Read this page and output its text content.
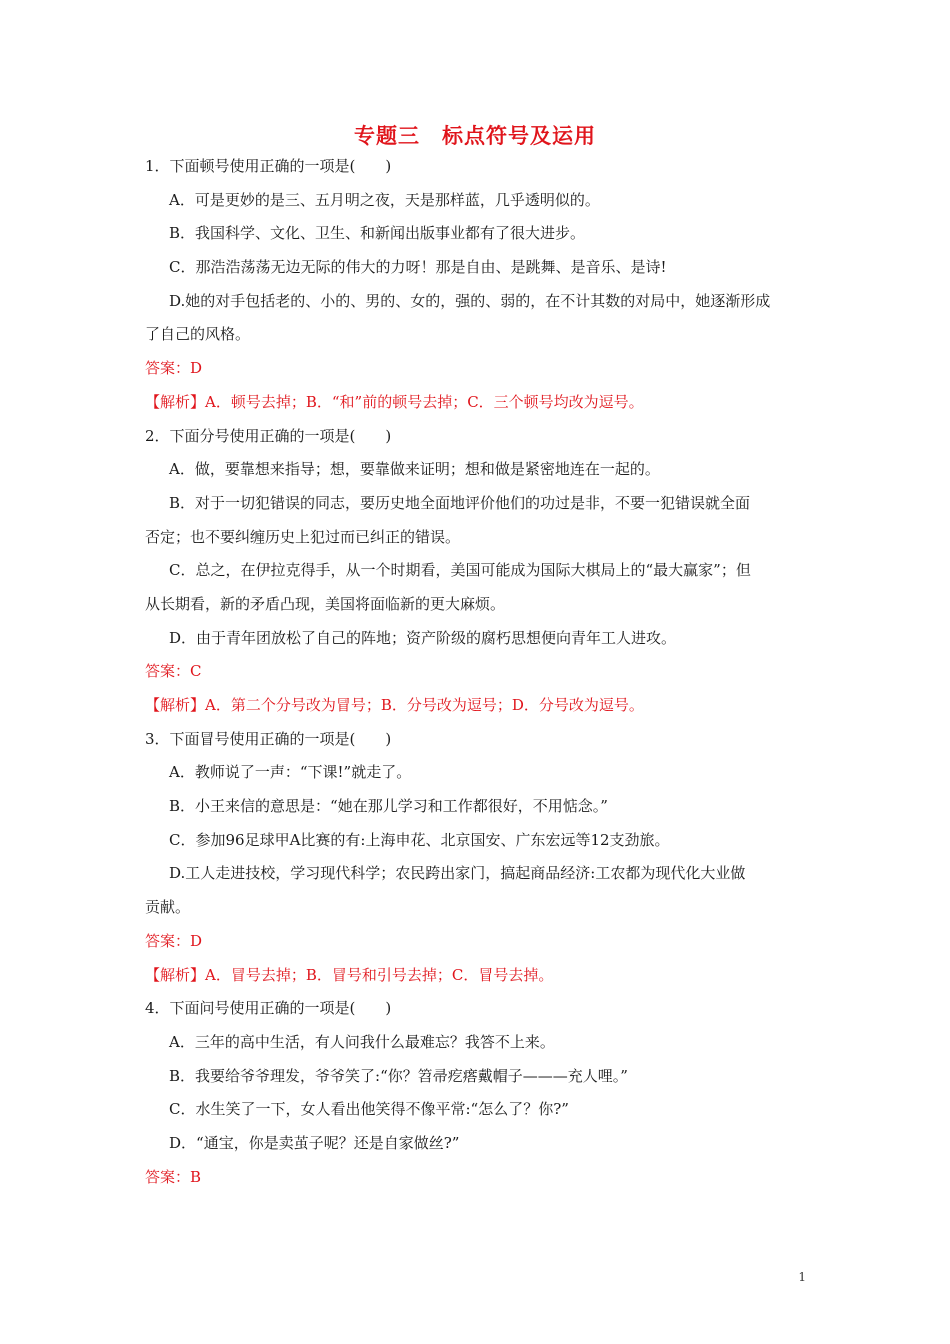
专题三　标点符号及运用
1．下面顿号使用正确的一项是(　　)
A．可是更妙的是三、五月明之夜，天是那样蓝，几乎透明似的。
B．我国科学、文化、卫生、和新闻出版事业都有了很大进步。
C．那浩浩荡荡无边无际的伟大的力呀！那是自由、是跳舞、是音乐、是诗!
D.她的对手包括老的、小的、男的、女的，强的、弱的，在不计其数的对局中，她逐渐形成
了自己的风格。
答案：D
【解析】A．顿号去掉；B．“和”前的顿号去掉；C．三个顿号均改为逗号。
2．下面分号使用正确的一项是(　　)
A．做，要靠想来指导；想，要靠做来证明；想和做是紧密地连在一起的。
B．对于一切犯错误的同志，要历史地全面地评价他们的功过是非，不要一犯错误就全面
否定；也不要纠缠历史上犯过而已纠正的错误。
C．总之，在伊拉克得手，从一个时期看，美国可能成为国际大棋局上的“最大赢家”；但
从长期看，新的矛盾凸现，美国将面临新的更大麻烦。
D．由于青年团放松了自己的阵地；资产阶级的腐朽思想便向青年工人进攻。
答案：C
【解析】A．第二个分号改为冒号；B．分号改为逗号；D．分号改为逗号。
3．下面冒号使用正确的一项是(　　)
A．教师说了一声：“下课!”就走了。
B．小王来信的意思是：“她在那儿学习和工作都很好，不用惦念。”
C．参加96足球甲A比赛的有:上海申花、北京国安、广东宏远等12支劲旅。
D.工人走进技校，学习现代科学；农民跨出家门，搞起商品经济:工农都为现代化大业做
贡献。
答案：D
【解析】A．冒号去掉；B．冒号和引号去掉；C．冒号去掉。
4．下面问号使用正确的一项是(　　)
A．三年的高中生活，有人问我什么最难忘？我答不上来。
B．我要给爷爷理发，爷爷笑了:“你？笤帚疙瘩戴帽子———充人哩。”
C．水生笑了一下，女人看出他笑得不像平常:“怎么了？你?”
D．“通宝，你是卖茧子呢？还是自家做丝?”
答案：B
1
